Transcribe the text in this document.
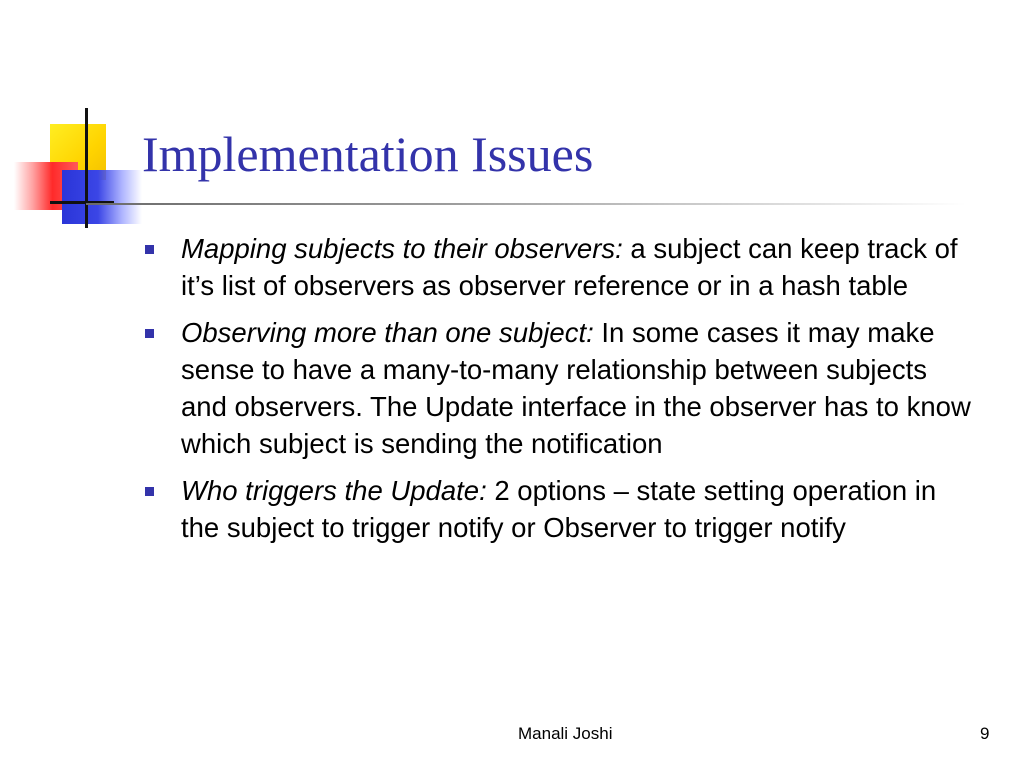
Implementation Issues
Mapping subjects to their observers: a subject can keep track of it’s list of observers as observer reference or in a hash table
Observing more than one subject: In some cases it may make sense to have a many-to-many relationship between subjects and observers. The Update interface in the observer has to know which subject is sending the notification
Who triggers the Update: 2 options – state setting operation in the subject to trigger notify or Observer to trigger notify
Manali Joshi	9
